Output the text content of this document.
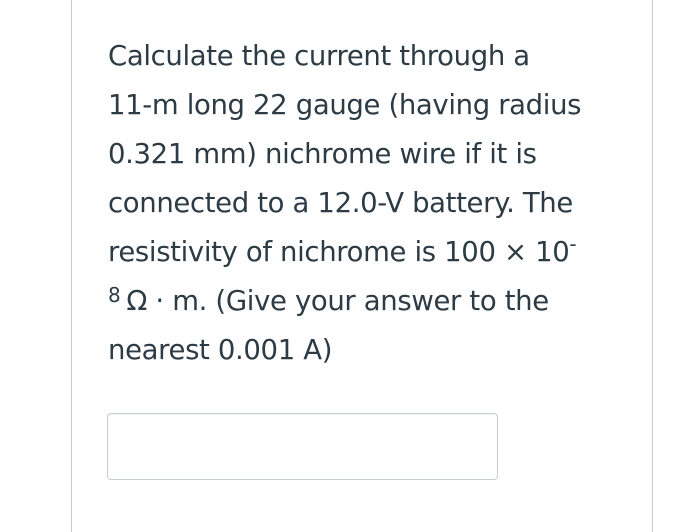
Calculate the current through a
11-m long 22 gauge (having radius
0.321 mm) nichrome wire if it is
connected to a 12.0-V battery. The
resistivity of nichrome is 100 × 10-
$^8$ Ω · m. (Give your answer to the
nearest 0.001 A)
